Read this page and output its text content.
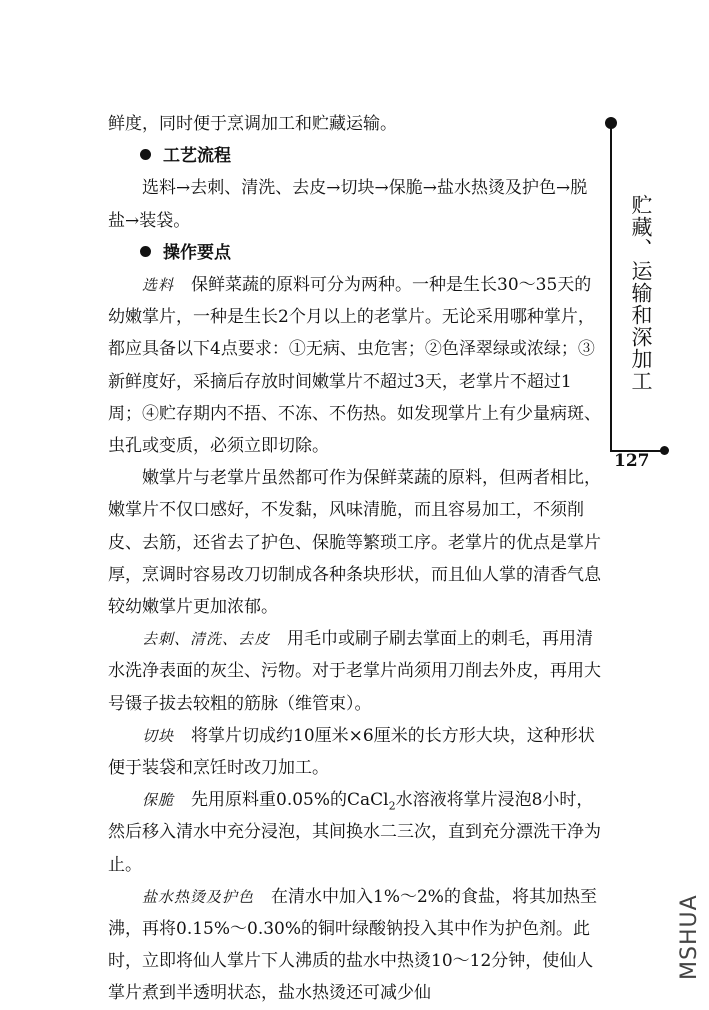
鲜度，同时便于烹调加工和贮藏运输。

工艺流程

选料→去刺、清洗、去皮→切块→保脆→盐水热烫及护色→脱盐→装袋。

操作要点

选料　 保鲜菜蔬的原料可分为两种。一种是生长30～35天的幼嫩掌片，一种是生长2个月以上的老掌片。无论采用哪种掌片，都应具备以下4点要求：①无病、虫危害；②色泽翠绿或浓绿；③新鲜度好，采摘后存放时间嫩掌片不超过3天，老掌片不超过1周；④贮存期内不捂、不冻、不伤热。如发现掌片上有少量病斑、虫孔或变质，必须立即切除。

嫩掌片与老掌片虽然都可作为保鲜菜蔬的原料，但两者相比，嫩掌片不仅口感好，不发黏，风味清脆，而且容易加工，不须削皮、去筋，还省去了护色、保脆等繁琐工序。老掌片的优点是掌片厚，烹调时容易改刀切制成各种条块形状，而且仙人掌的清香气息较幼嫩掌片更加浓郁。

去刺、清洗、去皮　 用毛巾或刷子刷去掌面上的刺毛，再用清水洗净表面的灰尘、污物。对于老掌片尚须用刀削去外皮，再用大号镊子拔去较粗的筋脉（维管束）。

切块　 将掌片切成约10厘米×6厘米的长方形大块，这种形状便于装袋和烹饪时改刀加工。

保脆　 先用原料重0.05%的CaCl$_2$水溶液将掌片浸泡8小时，然后移入清水中充分浸泡，其间换水二三次，直到充分漂洗干净为止。

盐水热烫及护色　 在清水中加入1%～2%的食盐，将其加热至沸，再将0.15%～0.30%的铜叶绿酸钠投入其中作为护色剂。此时，立即将仙人掌片下人沸质的盐水中热烫10～12分钟，使仙人掌片煮到半透明状态，盐水热烫还可减少仙

贮藏、运输和深加工
127
MSHUA
